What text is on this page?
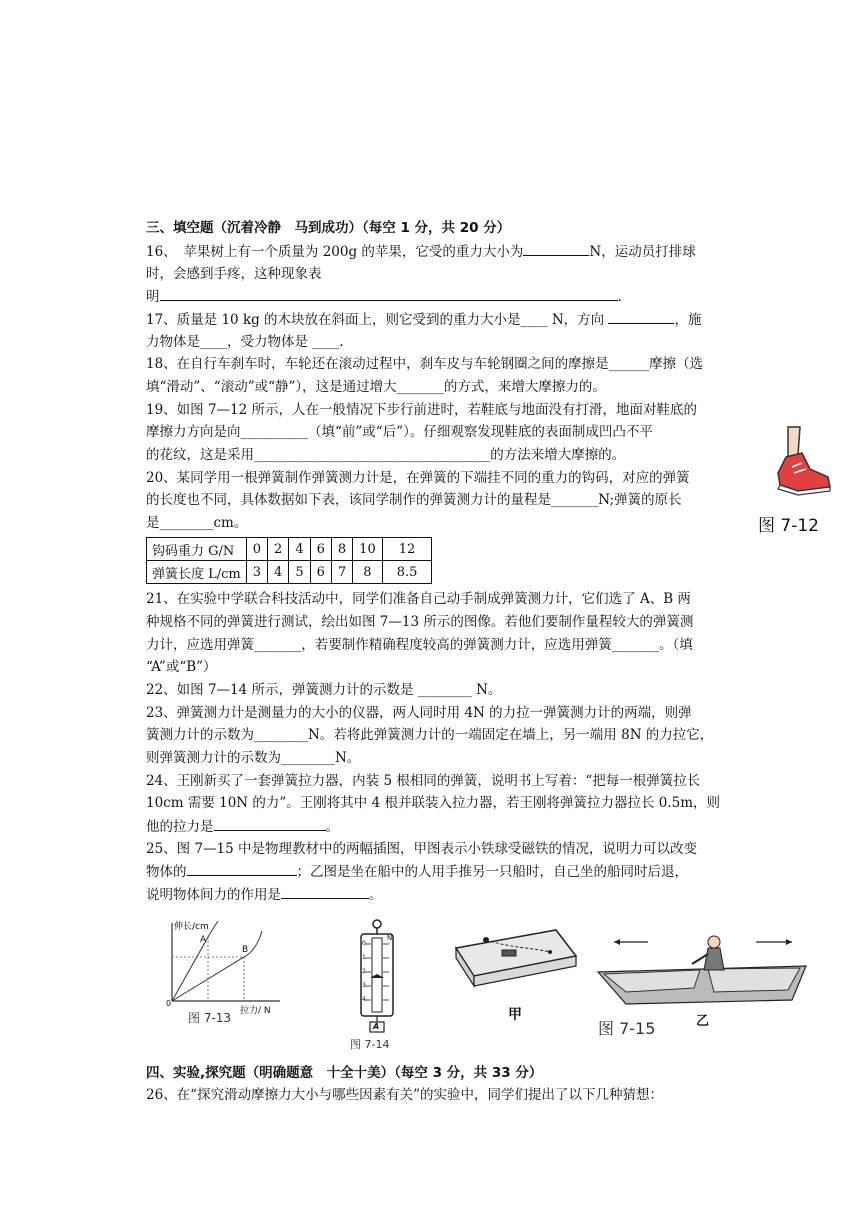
三、填空题（沉着冷静　马到成功）（每空 1 分，共 20 分）
16、　苹果树上有一个质量为 200g 的苹果，它受的重力大小为	N，运动员打排球
时，会感到手疼，这种现象表
明	.
17、质量是 10 kg 的木块放在斜面上，则它受到的重力大小是____ N，方向	，施
力物体是____，受力物体是 ____.
18、在自行车刹车时，车轮还在滚动过程中，刹车皮与车轮钢圈之间的摩擦是______摩擦（选
填“滑动”、“滚动”或“静”），这是通过增大_______的方式，来增大摩擦力的。
19、如图 7—12 所示，人在一般情况下步行前进时，若鞋底与地面没有打滑，地面对鞋底的
摩擦力方向是向__________（填“前”或“后”）。仔细观察发现鞋底的表面制成凹凸不平
的花纹，这是采用___________________________________的方法来增大摩擦的。
20、某同学用一根弹簧制作弹簧测力计是，在弹簧的下端挂不同的重力的钩码，对应的弹簧
的长度也不同，具体数据如下表，该同学制作的弹簧测力计的量程是_______N;弹簧的原长
是________cm。	图 7-12
钩码重力 G/N	0	2	4	6	8	10	12
弹簧长度 L/cm	3	4	5	6	7	8	8.5
21、在实验中学联合科技活动中，同学们准备自己动手制成弹簧测力计，它们选了 A、B 两
种规格不同的弹簧进行测试，绘出如图 7—13 所示的图像。若他们要制作量程较大的弹簧测
力计，应选用弹簧_______，若要制作精确程度较高的弹簧测力计，应选用弹簧_______。（填
“A”或“B”）
22、如图 7—14 所示，弹簧测力计的示数是 ________ N。
23、弹簧测力计是测量力的大小的仪器，两人同时用 4N 的力拉一弹簧测力计的两端，则弹
簧测力计的示数为________N。若将此弹簧测力计的一端固定在墙上，另一端用 8N 的力拉它，
则弹簧测力计的示数为________N。
24、王刚新买了一套弹簧拉力器，内装 5 根相同的弹簧，说明书上写着：“把每一根弹簧拉长
10cm 需要 10N 的力”。王刚将其中 4 根并联装入拉力器，若王刚将弹簧拉力器拉长 0.5m，则
他的拉力是	。
25、图 7—15 中是物理教材中的两幅插图，甲图表示小铁球受磁铁的情况，说明力可以改变
物体的	；乙图是坐在船中的人用手推另一只船时，自己坐的船同时后退，
说明物体间力的作用是	。
伸长/cm
A
B
0
拉力/ N
图 7-13
N
0
1
2
3
4
A
图 7-14
甲
图 7-15	乙
四、实验,探究题（明确题意　十全十美）（每空 3 分，共 33 分）
26、在“探究滑动摩擦力大小与哪些因素有关”的实验中，同学们提出了以下几种猜想：
